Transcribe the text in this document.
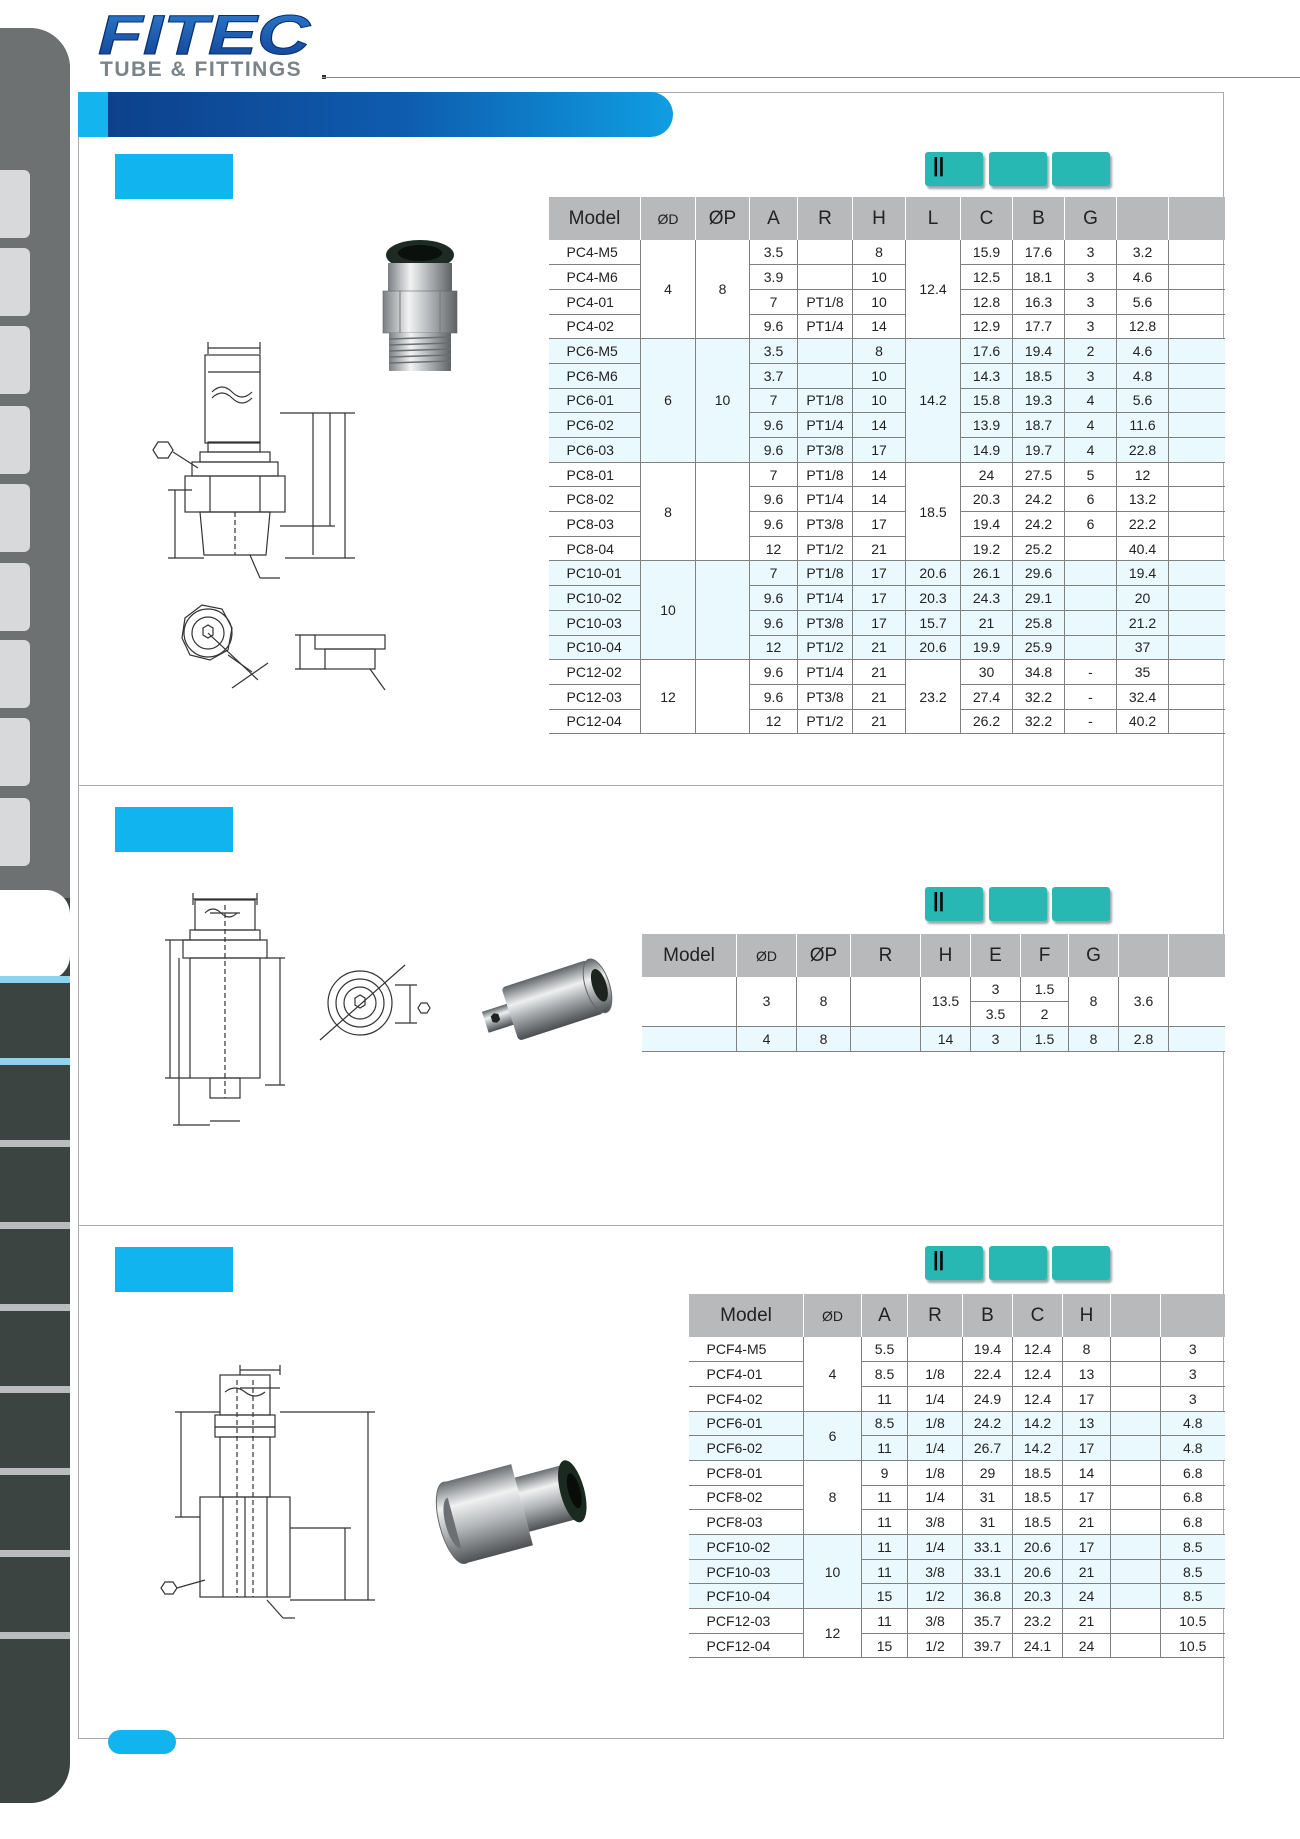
FITEC
TUBE & FITTINGS
||
||
||
Model	ØD	ØP	A	R	H	L	C	B	G		
PC4-M5	4	8	3.5		8	12.4	15.9	17.6	3	3.2	
PC4-M6			3.9		10		12.5	18.1	3	4.6	
PC4-01			7	PT1/8	10		12.8	16.3	3	5.6	
PC4-02			9.6	PT1/4	14		12.9	17.7	3	12.8	
PC6-M5	6	10	3.5		8	14.2	17.6	19.4	2	4.6	
PC6-M6			3.7		10		14.3	18.5	3	4.8	
PC6-01			7	PT1/8	10		15.8	19.3	4	5.6	
PC6-02			9.6	PT1/4	14		13.9	18.7	4	11.6	
PC6-03			9.6	PT3/8	17		14.9	19.7	4	22.8	
PC8-01	8		7	PT1/8	14	18.5	24	27.5	5	12	
PC8-02			9.6	PT1/4	14		20.3	24.2	6	13.2	
PC8-03			9.6	PT3/8	17		19.4	24.2	6	22.2	
PC8-04			12	PT1/2	21		19.2	25.2		40.4	
PC10-01	10		7	PT1/8	17	20.6	26.1	29.6		19.4	
PC10-02			9.6	PT1/4	17	20.3	24.3	29.1		20	
PC10-03			9.6	PT3/8	17	15.7	21	25.8		21.2	
PC10-04			12	PT1/2	21	20.6	19.9	25.9		37	
PC12-02	12		9.6	PT1/4	21	23.2	30	34.8	-	35	
PC12-03			9.6	PT3/8	21		27.4	32.2	-	32.4	
PC12-04			12	PT1/2	21		26.2	32.2	-	40.2	
Model	ØD	ØP	R	H	E	F	G		
	3	8		13.5	3	1.5	8	3.6	
					3.5	2			
	4	8		14	3	1.5	8	2.8	
Model	ØD	A	R	B	C	H		
PCF4-M5	4	5.5		19.4	12.4	8		3
PCF4-01		8.5	1/8	22.4	12.4	13		3
PCF4-02		11	1/4	24.9	12.4	17		3
PCF6-01	6	8.5	1/8	24.2	14.2	13		4.8
PCF6-02		11	1/4	26.7	14.2	17		4.8
PCF8-01	8	9	1/8	29	18.5	14		6.8
PCF8-02		11	1/4	31	18.5	17		6.8
PCF8-03		11	3/8	31	18.5	21		6.8
PCF10-02	10	11	1/4	33.1	20.6	17		8.5
PCF10-03		11	3/8	33.1	20.6	21		8.5
PCF10-04		15	1/2	36.8	20.3	24		8.5
PCF12-03	12	11	3/8	35.7	23.2	21		10.5
PCF12-04		15	1/2	39.7	24.1	24		10.5
